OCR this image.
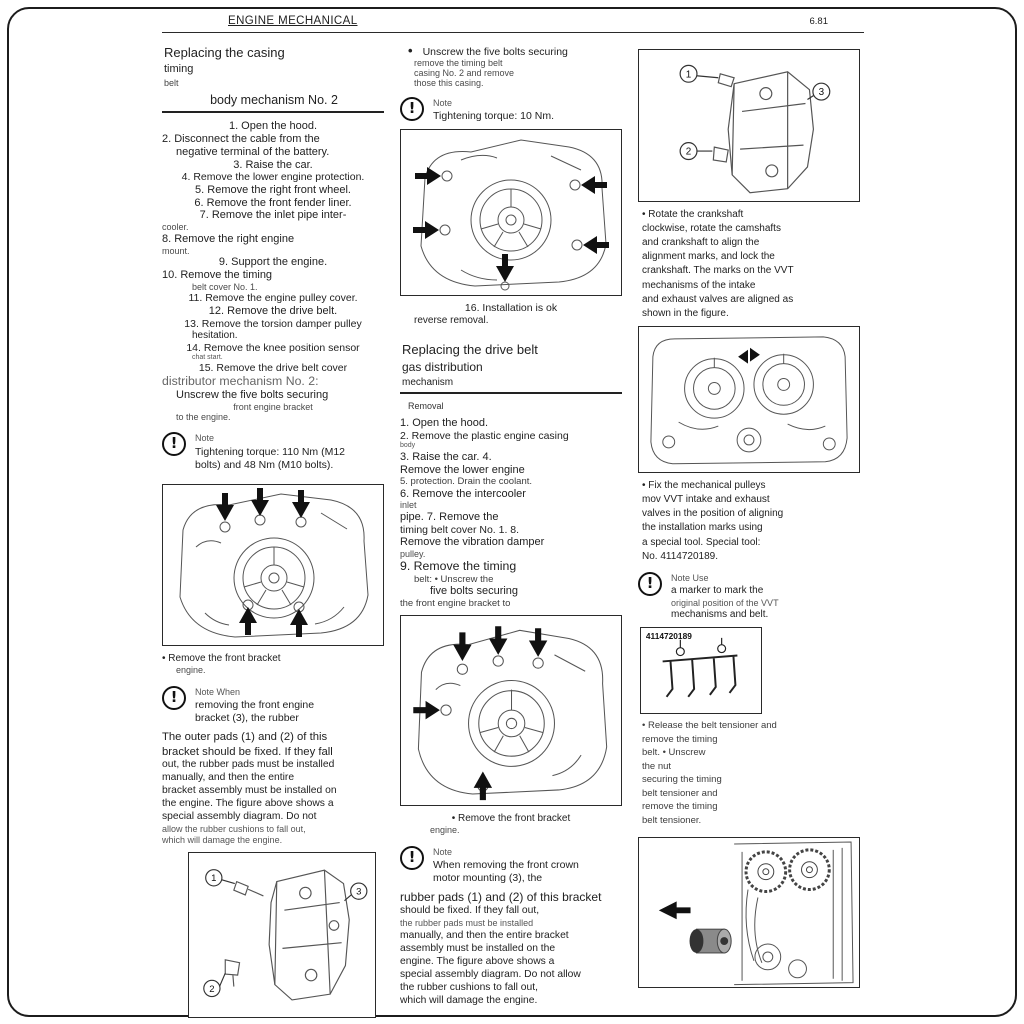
ENGINE MECHANICAL	6.81
Replacing the casing
timing
belt
body mechanism No. 2
1. Open the hood.
2. Disconnect the cable from the
negative terminal of the battery.
3. Raise the car.
4. Remove the lower engine protection.
5. Remove the right front wheel.
6. Remove the front fender liner.
7. Remove the inlet pipe inter-
cooler.
8. Remove the right engine
mount.
9. Support the engine.
10. Remove the timing
belt cover No. 1.
11. Remove the engine pulley cover.
12. Remove the drive belt.
13. Remove the torsion damper pulley
hesitation.
14. Remove the knee position sensor
chat start.
15. Remove the drive belt cover
distributor mechanism No. 2:
Unscrew the five bolts securing
front engine bracket
to the engine.
!	Note
Tightening torque: 110 Nm (M12
bolts) and 48 Nm (M10 bolts).
• Remove the front bracket
engine.
!	Note When
removing the front engine
bracket (3), the rubber
The outer pads (1) and (2) of this
bracket should be fixed. If they fall
out, the rubber pads must be installed
manually, and then the entire
bracket assembly must be installed on
the engine. The figure above shows a
special assembly diagram. Do not
allow the rubber cushions to fall out,
which will damage the engine.
1
2
3
• Unscrew the five bolts securing
remove the timing belt
casing No. 2 and remove
those this casing.
!	Note
Tightening torque: 10 Nm.
16. Installation is ok
reverse removal.
Replacing the drive belt
gas distribution
mechanism
Removal
1. Open the hood.
2. Remove the plastic engine casing
body
3. Raise the car. 4.
Remove the lower engine
5. protection. Drain the coolant.
6. Remove the intercooler
inlet
pipe. 7. Remove the
timing belt cover No. 1. 8.
Remove the vibration damper
pulley.
9. Remove the timing
belt: • Unscrew the
five bolts securing
the front engine bracket to
• Remove the front bracket
engine.
!	Note
When removing the front crown
motor mounting (3), the
rubber pads (1) and (2) of this bracket
should be fixed. If they fall out,
the rubber pads must be installed
manually, and then the entire bracket
assembly must be installed on the
engine. The figure above shows a
special assembly diagram. Do not allow
the rubber cushions to fall out,
which will damage the engine.
1
2
3
• Rotate the crankshaft
clockwise, rotate the camshafts
and crankshaft to align the
alignment marks, and lock the
crankshaft. The marks on the VVT
mechanisms of the intake
and exhaust valves are aligned as
shown in the figure.
• Fix the mechanical pulleys
mov VVT intake and exhaust
valves in the position of aligning
the installation marks using
a special tool. Special tool:
No. 4114720189.
!	Note Use
a marker to mark the
original position of the VVT
mechanisms and belt.
4114720189
• Release the belt tensioner and
remove the timing
belt. • Unscrew
the nut
securing the timing
belt tensioner and
remove the timing
belt tensioner.
